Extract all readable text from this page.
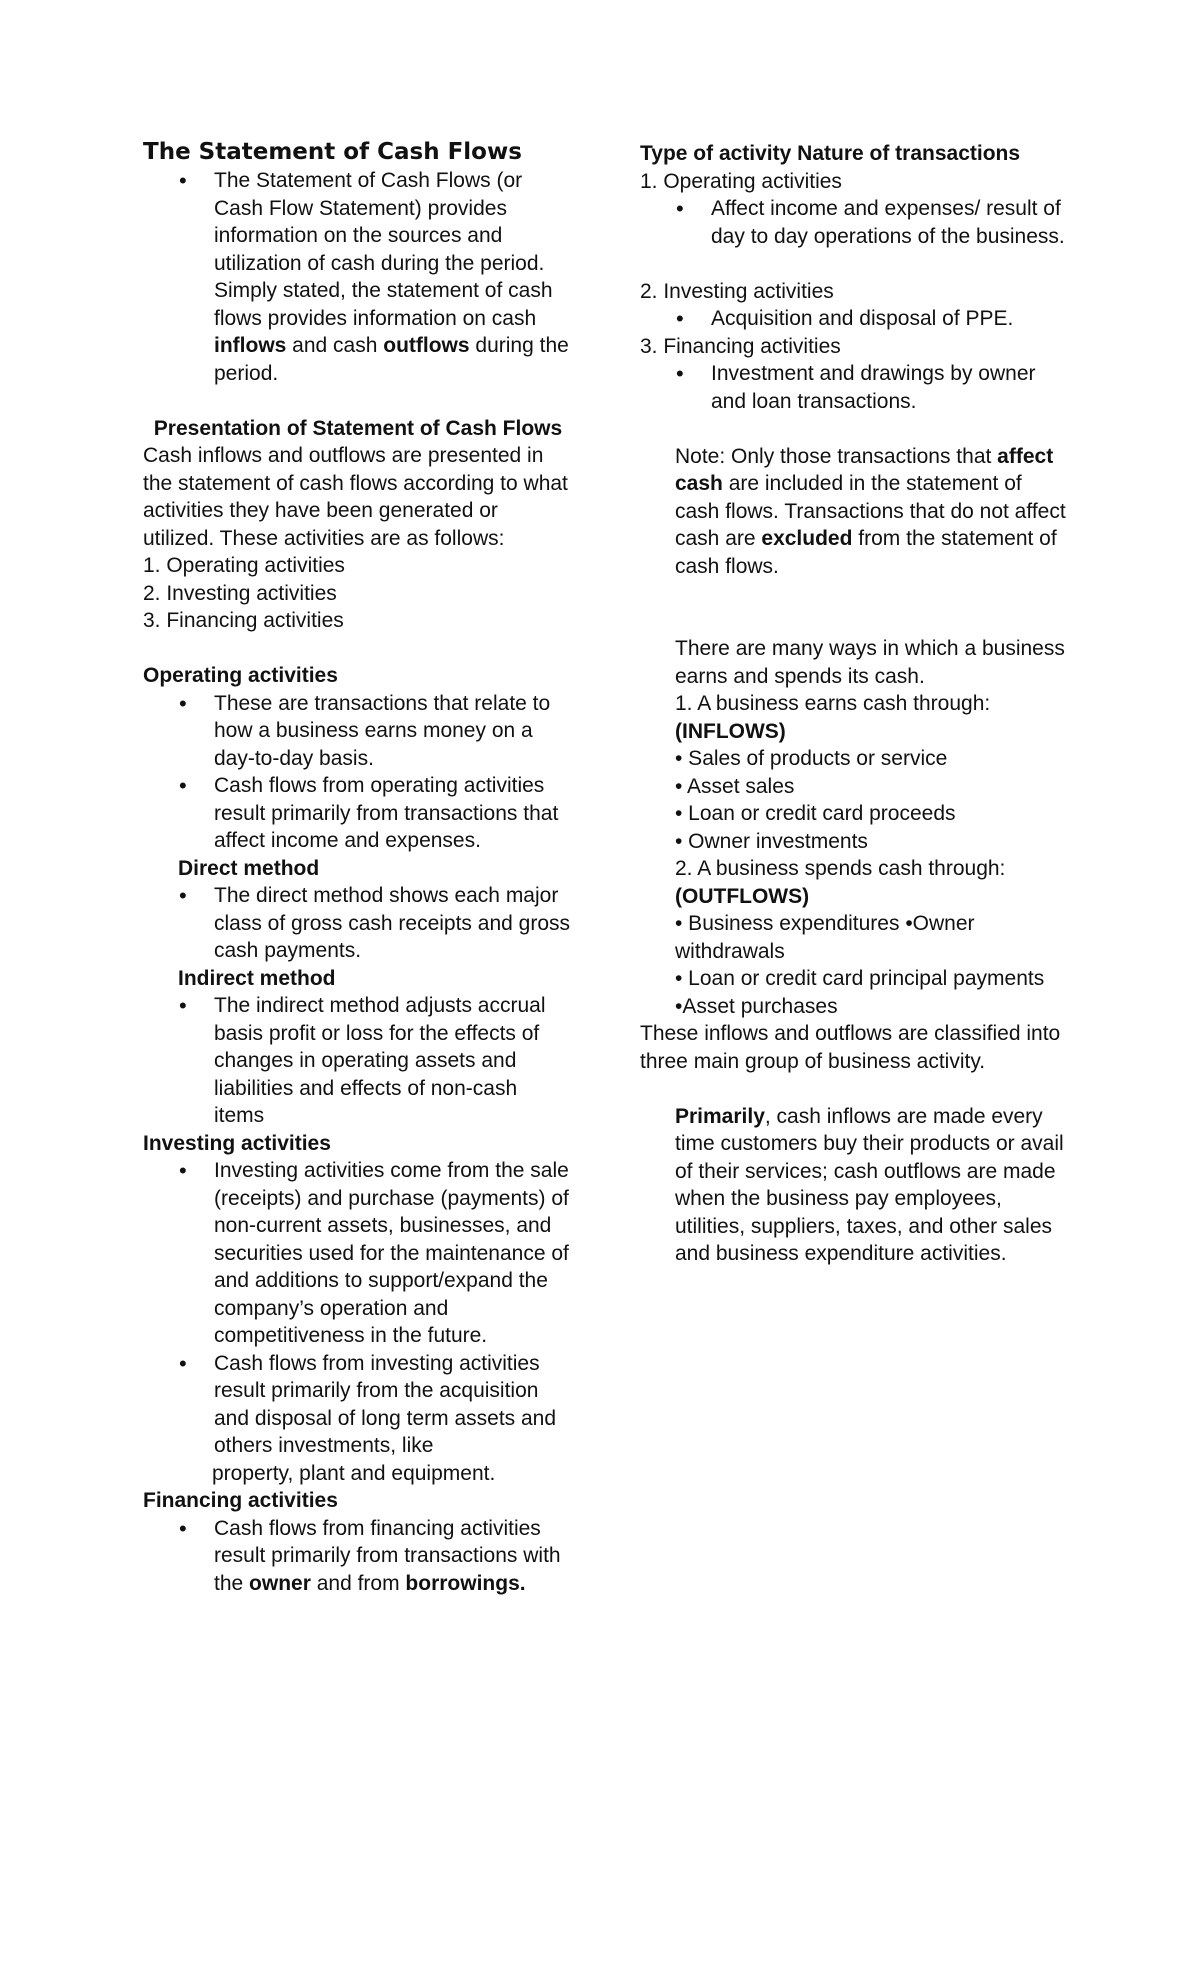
The Statement of Cash Flows

• The Statement of Cash Flows (or Cash Flow Statement) provides information on the sources and utilization of cash during the period. Simply stated, the statement of cash flows provides information on cash inflows and cash outflows during the period.

Presentation of Statement of Cash Flows

Cash inflows and outflows are presented in the statement of cash flows according to what activities they have been generated or utilized. These activities are as follows:

1. Operating activities

2. Investing activities

3. Financing activities

Operating activities

• These are transactions that relate to how a business earns money on a day-to-day basis.
• Cash flows from operating activities result primarily from transactions that affect income and expenses.

Direct method

• The direct method shows each major class of gross cash receipts and gross cash payments.

Indirect method

• The indirect method adjusts accrual basis profit or loss for the effects of changes in operating assets and liabilities and effects of non-cash items

Investing activities

• Investing activities come from the sale (receipts) and purchase (payments) of non-current assets, businesses, and securities used for the maintenance of and additions to support/expand the company’s operation and competitiveness in the future.
• Cash flows from investing activities result primarily from the acquisition and disposal of long term assets and others investments, like

property, plant and equipment.

Financing activities

• Cash flows from financing activities result primarily from transactions with the owner and from borrowings.

Type of activity Nature of transactions

1. Operating activities

• Affect income and expenses/ result of day to day operations of the business.

2. Investing activities

• Acquisition and disposal of PPE.

3. Financing activities

• Investment and drawings by owner and loan transactions.

Note: Only those transactions that affect cash are included in the statement of cash flows. Transactions that do not affect cash are excluded from the statement of cash flows.

There are many ways in which a business earns and spends its cash.

1. A business earns cash through:

(INFLOWS)

• Sales of products or service

• Asset sales

• Loan or credit card proceeds

• Owner investments

2. A business spends cash through:

(OUTFLOWS)

• Business expenditures •Owner withdrawals

• Loan or credit card principal payments

•Asset purchases

These inflows and outflows are classified into three main group of business activity.

Primarily, cash inflows are made every time customers buy their products or avail of their services; cash outflows are made when the business pay employees, utilities, suppliers, taxes, and other sales and business expenditure activities.
